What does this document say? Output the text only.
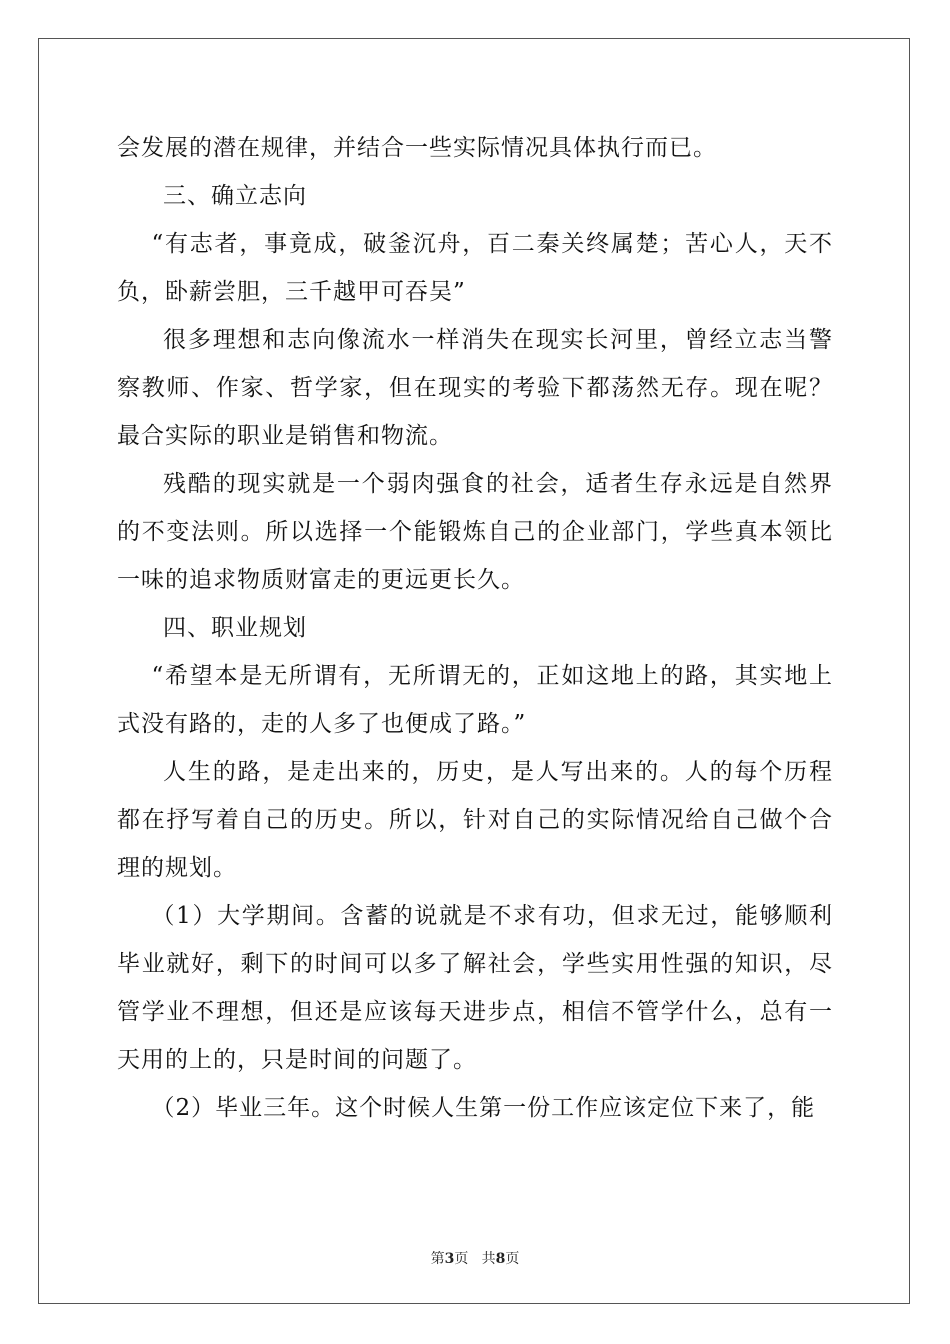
会发展的潜在规律，并结合一些实际情况具体执行而已。

三、确立志向

“有志者，事竟成，破釜沉舟，百二秦关终属楚；苦心人，天不负，卧薪尝胆，三千越甲可吞吴”

很多理想和志向像流水一样消失在现实长河里，曾经立志当警察教师、作家、哲学家，但在现实的考验下都荡然无存。现在呢？最合实际的职业是销售和物流。

残酷的现实就是一个弱肉强食的社会，适者生存永远是自然界的不变法则。所以选择一个能锻炼自己的企业部门，学些真本领比一味的追求物质财富走的更远更长久。

四、职业规划

“希望本是无所谓有，无所谓无的，正如这地上的路，其实地上式没有路的，走的人多了也便成了路。”

人生的路，是走出来的，历史，是人写出来的。人的每个历程都在抒写着自己的历史。所以，针对自己的实际情况给自己做个合理的规划。

（1）大学期间。含蓄的说就是不求有功，但求无过，能够顺利毕业就好，剩下的时间可以多了解社会，学些实用性强的知识，尽管学业不理想，但还是应该每天进步点，相信不管学什么，总有一天用的上的，只是时间的问题了。

（2）毕业三年。这个时候人生第一份工作应该定位下来了，能

第3页 共8页
